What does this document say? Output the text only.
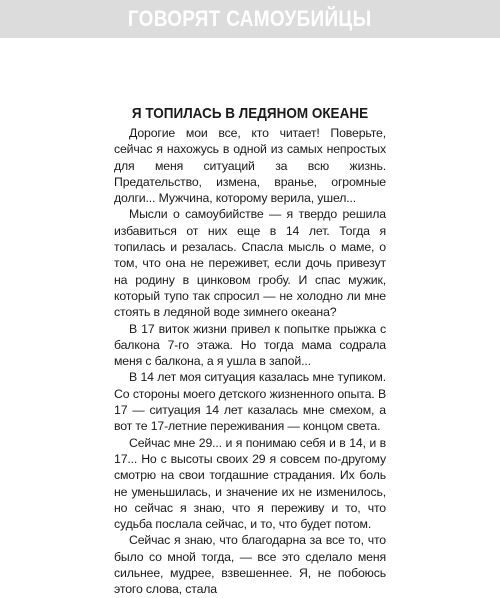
ГОВОРЯТ САМОУБИЙЦЫ
Я ТОПИЛАСЬ В ЛЕДЯНОМ ОКЕАНЕ

Дорогие мои все, кто читает! Поверьте, сейчас я нахожусь в одной из самых непростых для меня ситуаций за всю жизнь. Предательство, измена, вранье, огромные долги... Мужчина, которому верила, ушел...

Мысли о самоубийстве — я твердо решила избавиться от них еще в 14 лет. Тогда я топилась и резалась. Спасла мысль о маме, о том, что она не переживет, если дочь привезут на родину в цинковом гробу. И спас мужик, который тупо так спросил — не холодно ли мне стоять в ледяной воде зимнего океана?

В 17 виток жизни привел к попытке прыжка с балкона 7-го этажа. Но тогда мама содрала меня с балкона, а я ушла в запой...

В 14 лет моя ситуация казалась мне тупиком. Со стороны моего детского жизненного опыта. В 17 — ситуация 14 лет казалась мне смехом, а вот те 17-летние переживания — концом света.

Сейчас мне 29... и я понимаю себя и в 14, и в 17... Но с высоты своих 29 я совсем по-другому смотрю на свои тогдашние страдания. Их боль не уменьшилась, и значение их не изменилось, но сейчас я знаю, что я переживу и то, что судьба послала сейчас, и то, что будет потом.

Сейчас я знаю, что благодарна за все то, что было со мной тогда, — все это сделало меня сильнее, мудрее, взвешеннее. Я, не побоюсь этого слова, стала
